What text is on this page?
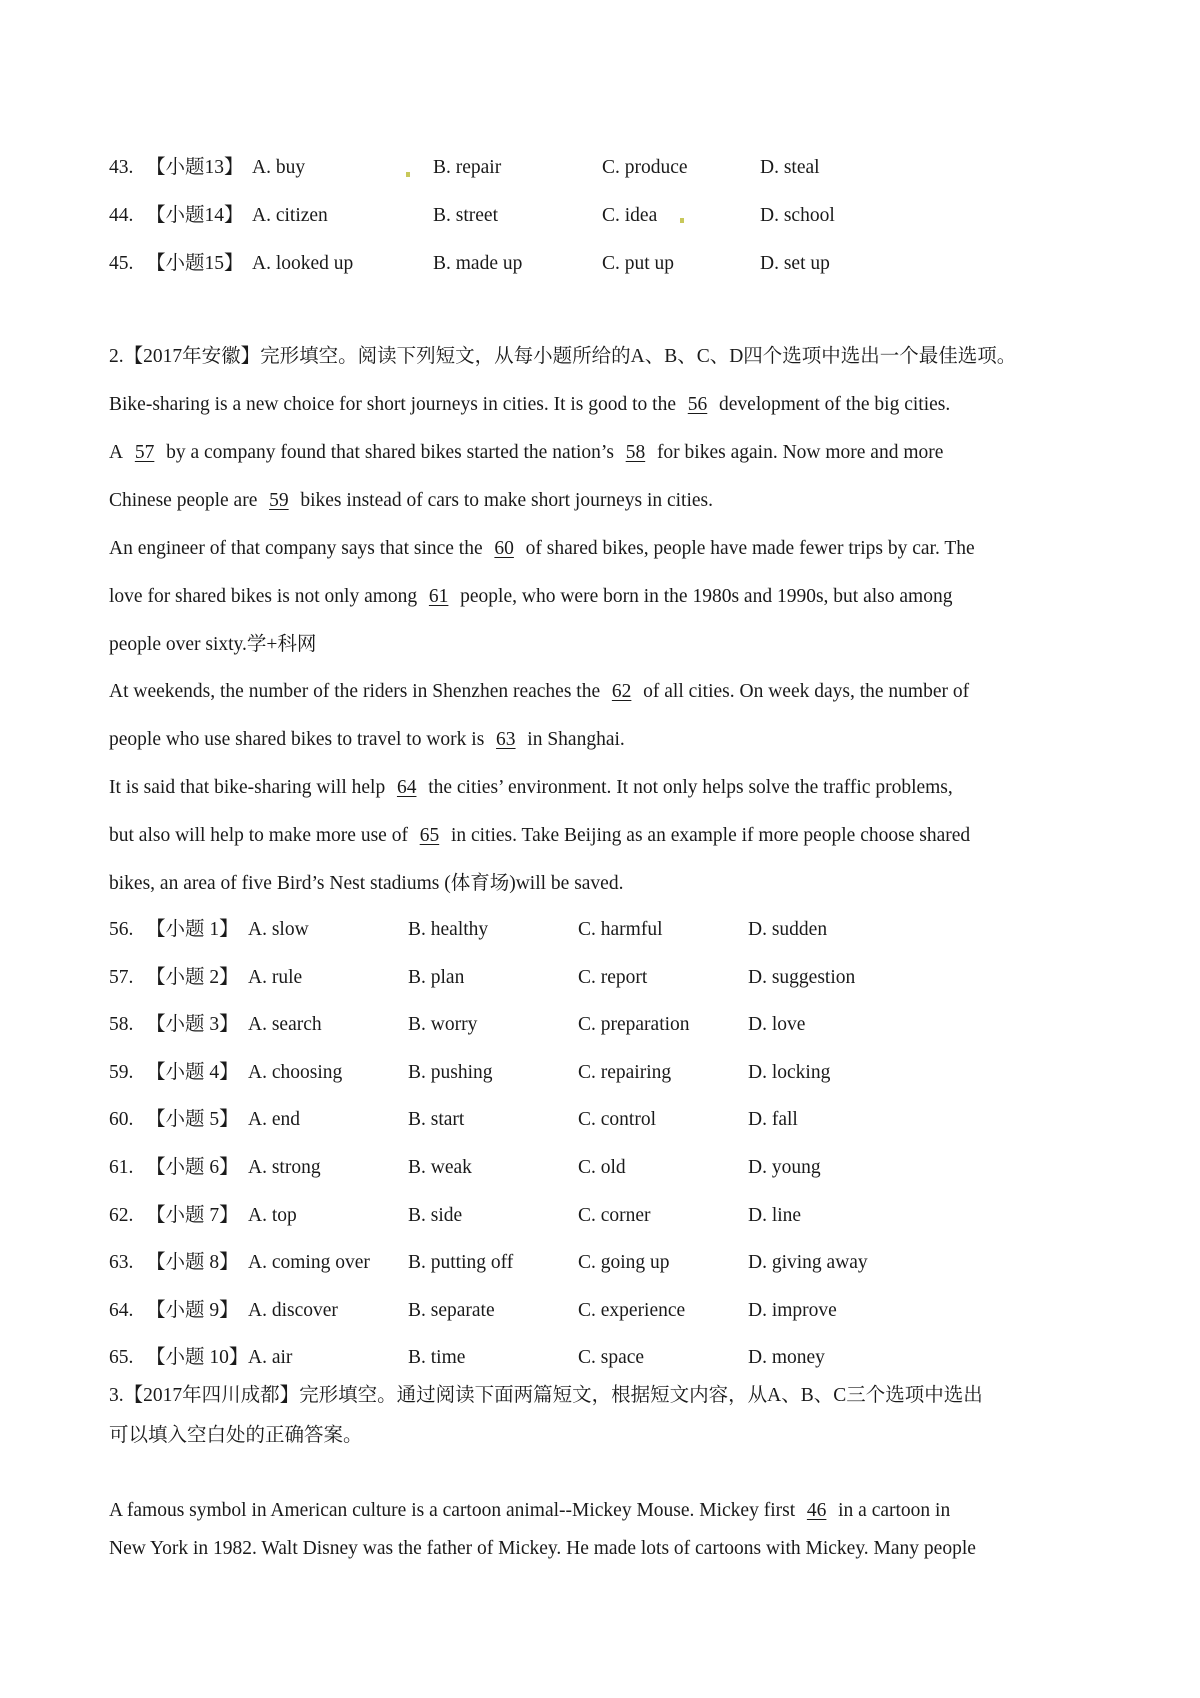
43. 【小题13】 A. buy	B. repair	C. produce	D. steal
44. 【小题14】 A. citizen	B. street	C. idea	D. school
45. 【小题15】 A. looked up	B. made up	C. put up	D. set up
2.【2017年安徽】完形填空。阅读下列短文，从每小题所给的A、B、C、D四个选项中选出一个最佳选项。
Bike-sharing is a new choice for short journeys in cities. It is good to the 56 development of the big cities.
A 57 by a company found that shared bikes started the nation’s 58 for bikes again. Now more and more
Chinese people are 59 bikes instead of cars to make short journeys in cities.
An engineer of that company says that since the 60 of shared bikes, people have made fewer trips by car. The
love for shared bikes is not only among 61 people, who were born in the 1980s and 1990s, but also among
people over sixty.学+科网
At weekends, the number of the riders in Shenzhen reaches the 62 of all cities. On week days, the number of
people who use shared bikes to travel to work is 63 in Shanghai.
It is said that bike-sharing will help 64 the cities’ environment. It not only helps solve the traffic problems,
but also will help to make more use of 65 in cities. Take Beijing as an example if more people choose shared
bikes, an area of five Bird’s Nest stadiums (体育场)will be saved.
56. 【小题 1】 A. slow	B. healthy	C. harmful	D. sudden
57. 【小题 2】 A. rule	B. plan	C. report	D. suggestion
58. 【小题 3】 A. search	B. worry	C. preparation	D. love
59. 【小题 4】 A. choosing	B. pushing	C. repairing	D. locking
60. 【小题 5】 A. end	B. start	C. control	D. fall
61. 【小题 6】 A. strong	B. weak	C. old	D. young
62. 【小题 7】 A. top	B. side	C. corner	D. line
63. 【小题 8】 A. coming over B. putting off	C. going up	D. giving away
64. 【小题 9】 A. discover	B. separate	C. experience	D. improve
65. 【小题 10】 A. air	B. time	C. space	D. money
3.【2017年四川成都】完形填空。通过阅读下面两篇短文，根据短文内容，从A、B、C三个选项中选出
可以填入空白处的正确答案。
A famous symbol in American culture is a cartoon animal--Mickey Mouse. Mickey first 46 in a cartoon in
New York in 1982. Walt Disney was the father of Mickey. He made lots of cartoons with Mickey. Many people
